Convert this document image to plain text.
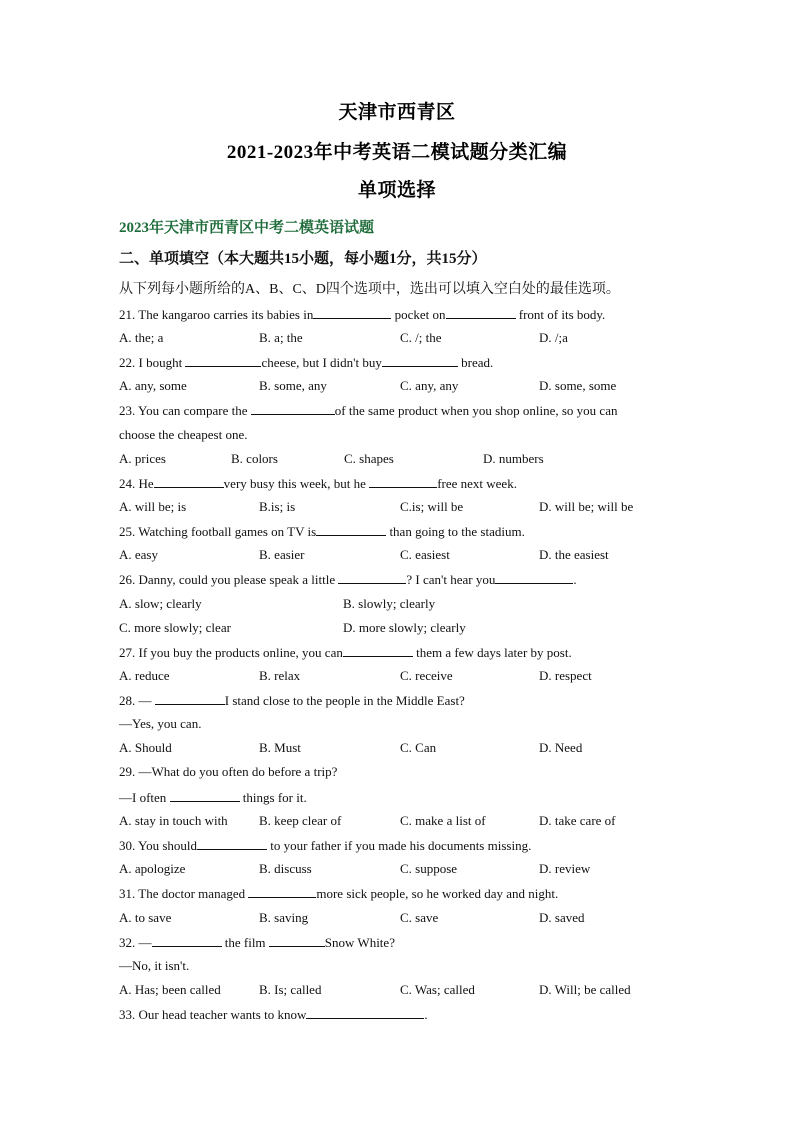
天津市西青区
2021-2023年中考英语二模试题分类汇编
单项选择
2023年天津市西青区中考二模英语试题
二、单项填空（本大题共15小题，每小题1分，共15分）
从下列每小题所给的A、B、C、D四个选项中，选出可以填入空白处的最佳选项。
21. The kangaroo carries its babies in	pocket on	front of its body.
A. the; a	B. a; the	C. /; the	D. /;a
22. I bought	cheese, but I didn't buy	bread.
A. any, some	B. some, any	C. any, any	D. some, some
23. You can compare the	of the same product when you shop online, so you can
choose the cheapest one.
A. prices	B. colors	C. shapes	D. numbers
24. He	very busy this week, but he	free next week.
A. will be; is	B.is; is	C.is; will be	D. will be; will be
25. Watching football games on TV is	than going to the stadium.
A. easy	B. easier	C. easiest	D. the easiest
26. Danny, could you please speak a little	? I can't hear you	.
A. slow; clearly	B. slowly; clearly
C. more slowly; clear	D. more slowly; clearly
27. If you buy the products online, you can	them a few days later by post.
A. reduce	B. relax	C. receive	D. respect
28. —	I stand close to the people in the Middle East?
—Yes, you can.
A. Should	B. Must	C. Can	D. Need
29. —What do you often do before a trip?
—I often	things for it.
A. stay in touch with B. keep clear of	C. make a list of	D. take care of
30. You should	to your father if you made his documents missing.
A. apologize	B. discuss	C. suppose	D. review
31. The doctor managed	more sick people, so he worked day and night.
A. to save	B. saving	C. save	D. saved
32. —	the film	Snow White?
—No, it isn't.
A. Has; been called	B. Is; called	C. Was; called	D. Will; be called
33. Our head teacher wants to know	.
